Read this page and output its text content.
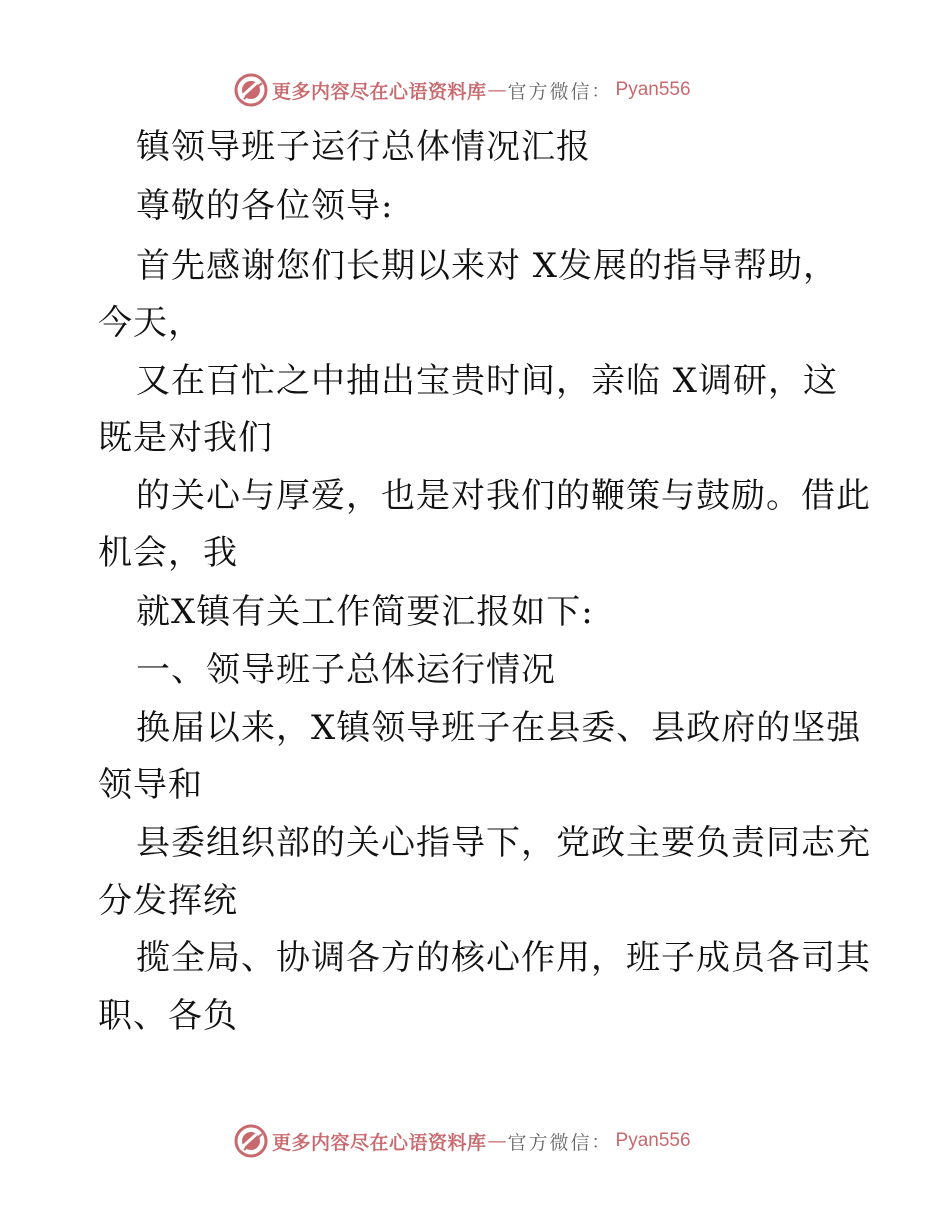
更多内容尽在心语资料库 — 官方微信 ： Pyan556
镇领导班子运行总体情况汇报
尊敬的各位领导:
首先感谢您们长期以来对 X发展的指导帮助，
今天，
又在百忙之中抽出宝贵时间，亲临 X调研，这
既是对我们
的关心与厚爱，也是对我们的鞭策与鼓励。借此
机会，我
就X镇有关工作简要汇报如下:
一、领导班子总体运行情况
换届以来，X镇领导班子在县委、县政府的坚强
领导和
县委组织部的关心指导下，党政主要负责同志充
分发挥统
揽全局、协调各方的核心作用，班子成员各司其
职、各负
更多内容尽在心语资料库 — 官方微信 ： Pyan556
